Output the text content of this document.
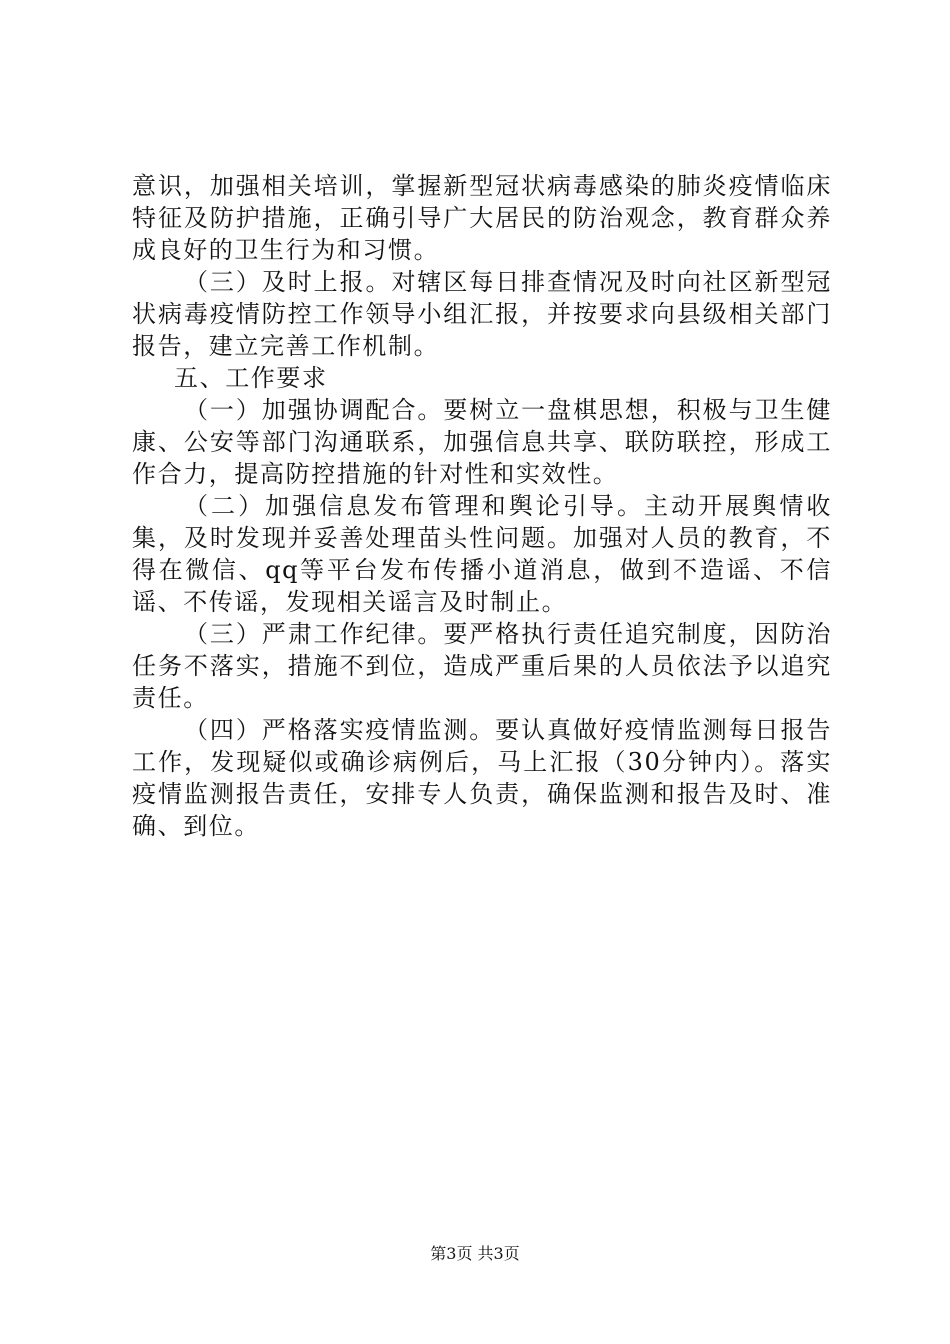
意识，加强相关培训，掌握新型冠状病毒感染的肺炎疫情临床特征及防护措施，正确引导广大居民的防治观念，教育群众养成良好的卫生行为和习惯。

（三）及时上报。对辖区每日排查情况及时向社区新型冠状病毒疫情防控工作领导小组汇报，并按要求向县级相关部门报告，建立完善工作机制。

五、工作要求

（一）加强协调配合。要树立一盘棋思想，积极与卫生健康、公安等部门沟通联系，加强信息共享、联防联控，形成工作合力，提高防控措施的针对性和实效性。

（二）加强信息发布管理和舆论引导。主动开展舆情收集，及时发现并妥善处理苗头性问题。加强对人员的教育，不得在微信、qq等平台发布传播小道消息，做到不造谣、不信谣、不传谣，发现相关谣言及时制止。

（三）严肃工作纪律。要严格执行责任追究制度，因防治任务不落实，措施不到位，造成严重后果的人员依法予以追究责任。

（四）严格落实疫情监测。要认真做好疫情监测每日报告工作，发现疑似或确诊病例后，马上汇报（30分钟内）。落实疫情监测报告责任，安排专人负责，确保监测和报告及时、准确、到位。

第3页 共3页
